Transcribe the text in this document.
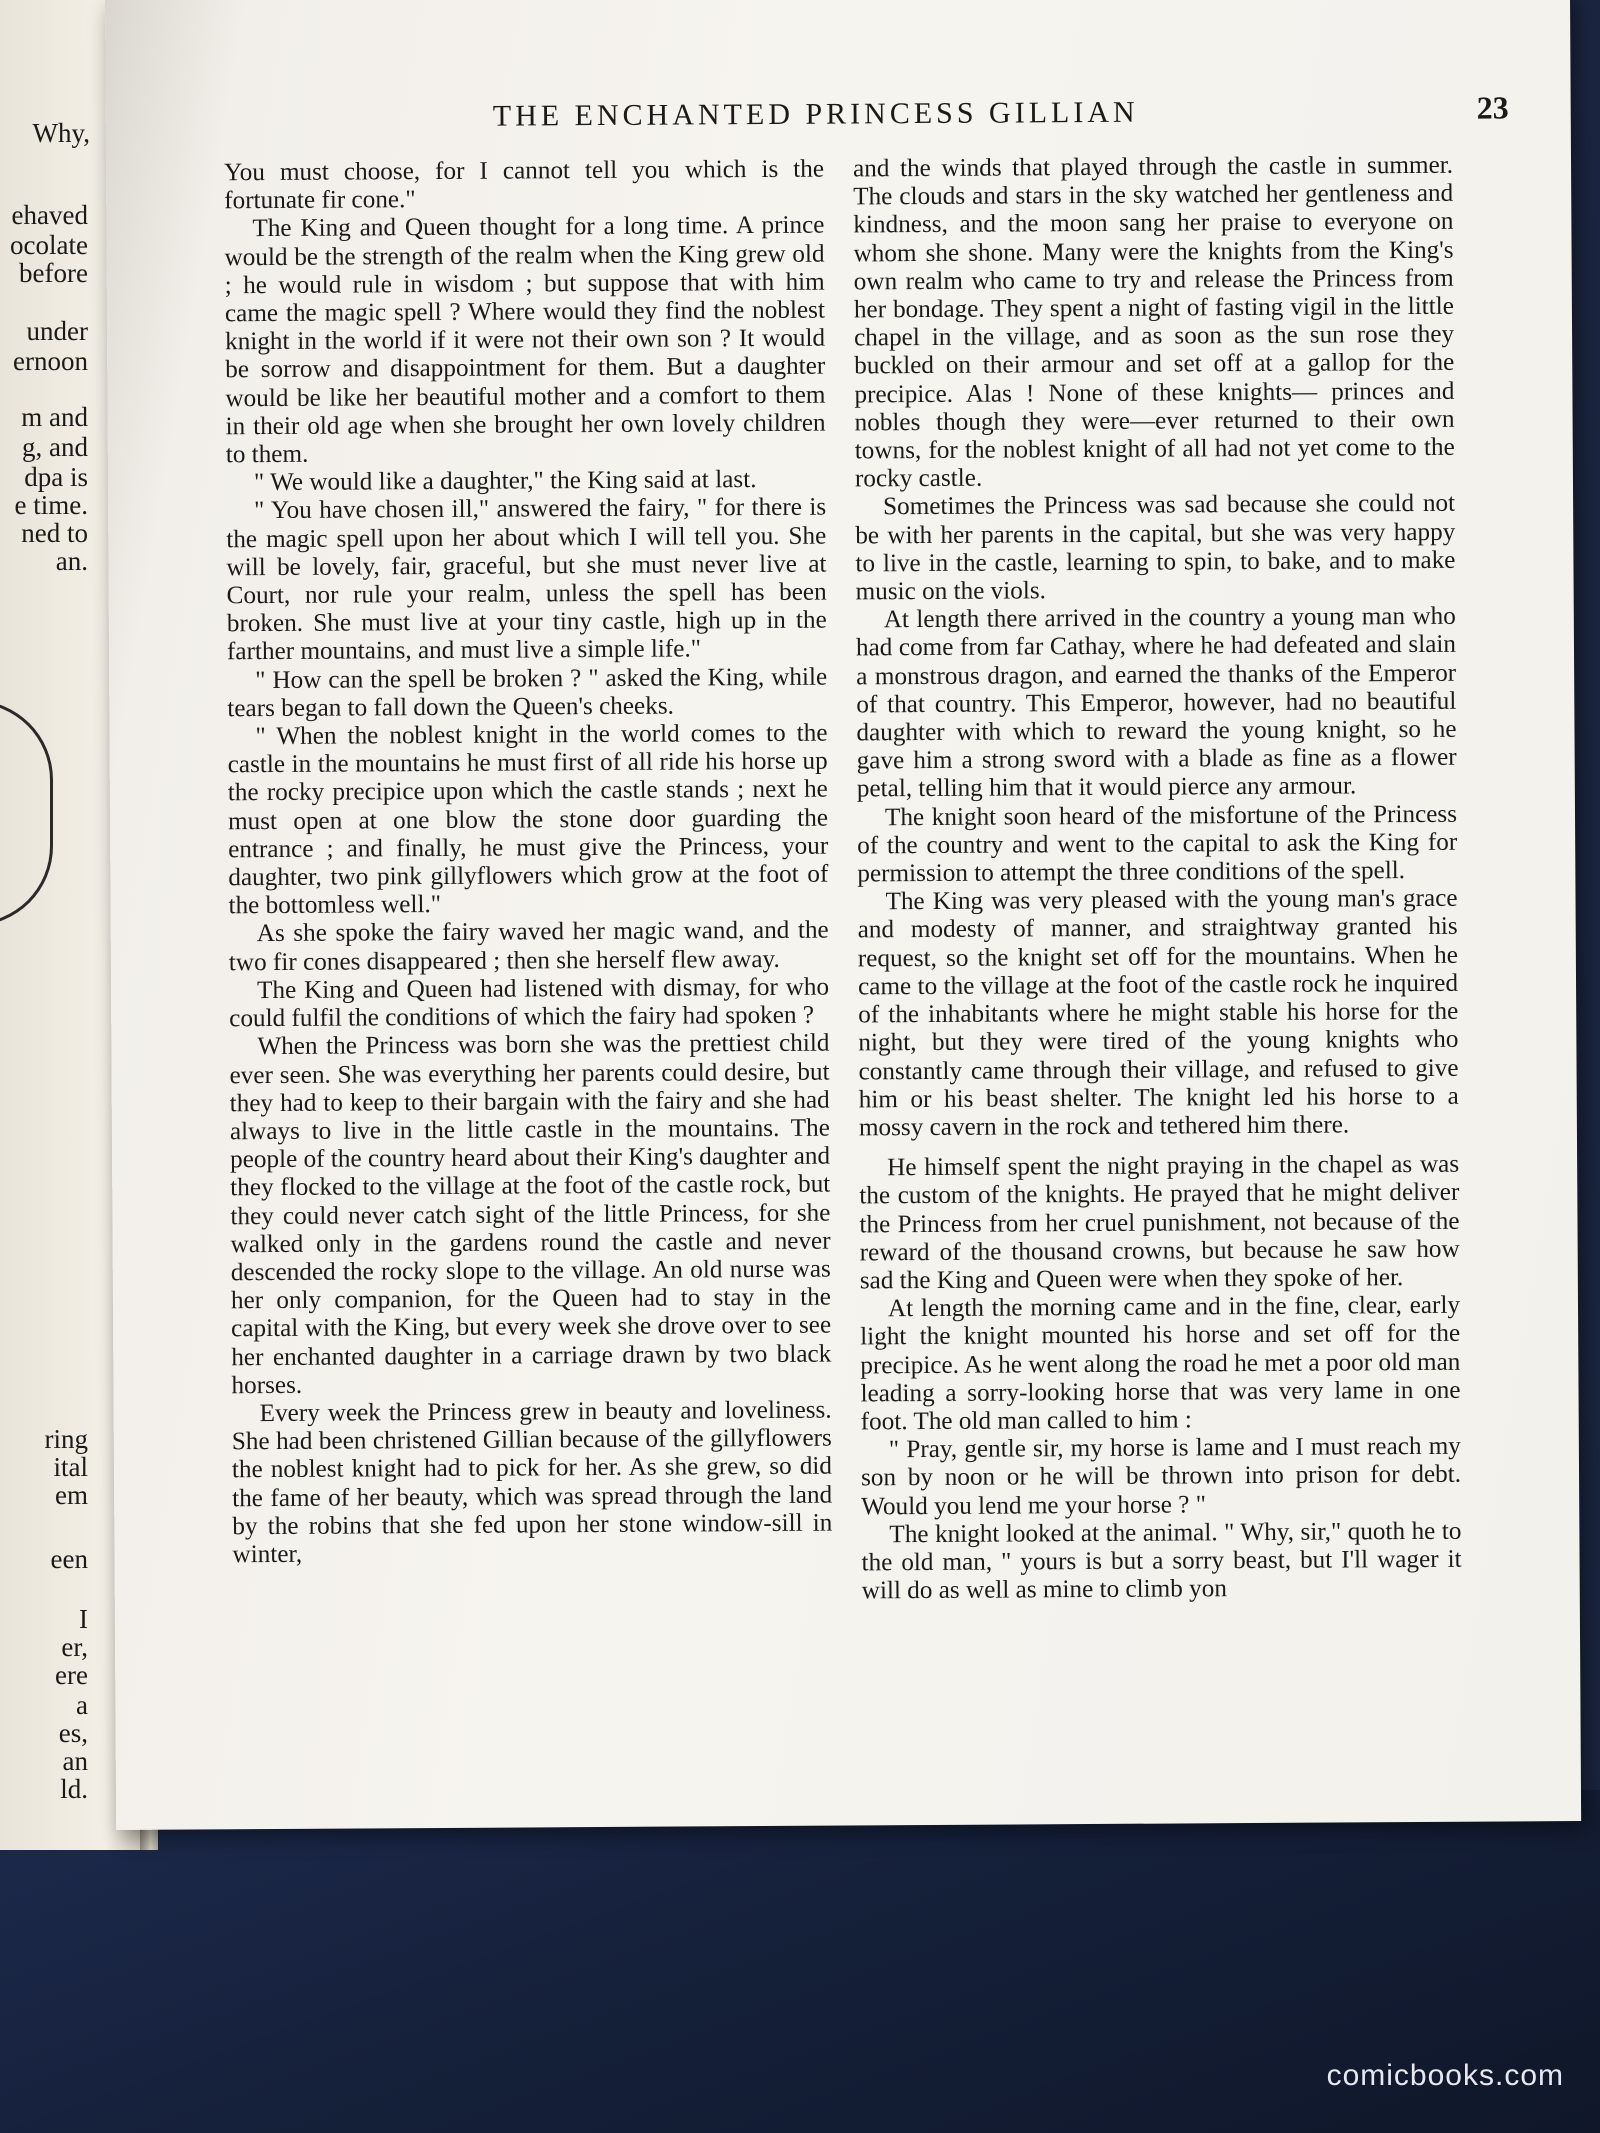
Why,
ehaved
ocolate
before
under
ernoon
m and
g, and
dpa is
e time.
ned to
an.
ring
ital
em
een
I
er,
ere
a
es,
an
ld.
THE ENCHANTED PRINCESS GILLIAN	23

You must choose, for I cannot tell you which is the fortunate fir cone."

The King and Queen thought for a long time. A prince would be the strength of the realm when the King grew old ; he would rule in wisdom ; but suppose that with him came the magic spell ? Where would they find the noblest knight in the world if it were not their own son ? It would be sorrow and disappointment for them. But a daughter would be like her beautiful mother and a comfort to them in their old age when she brought her own lovely children to them.

" We would like a daughter," the King said at last.

" You have chosen ill," answered the fairy, " for there is the magic spell upon her about which I will tell you. She will be lovely, fair, graceful, but she must never live at Court, nor rule your realm, unless the spell has been broken. She must live at your tiny castle, high up in the farther mountains, and must live a simple life."

" How can the spell be broken ? " asked the King, while tears began to fall down the Queen's cheeks.

" When the noblest knight in the world comes to the castle in the mountains he must first of all ride his horse up the rocky precipice upon which the castle stands ; next he must open at one blow the stone door guarding the entrance ; and finally, he must give the Princess, your daughter, two pink gillyflowers which grow at the foot of the bottomless well."

As she spoke the fairy waved her magic wand, and the two fir cones disappeared ; then she herself flew away.

The King and Queen had listened with dismay, for who could fulfil the conditions of which the fairy had spoken ?

When the Princess was born she was the prettiest child ever seen. She was everything her parents could desire, but they had to keep to their bargain with the fairy and she had always to live in the little castle in the mountains. The people of the country heard about their King's daughter and they flocked to the village at the foot of the castle rock, but they could never catch sight of the little Princess, for she walked only in the gardens round the castle and never descended the rocky slope to the village. An old nurse was her only companion, for the Queen had to stay in the capital with the King, but every week she drove over to see her enchanted daughter in a carriage drawn by two black horses.

Every week the Princess grew in beauty and loveliness. She had been christened Gillian because of the gillyflowers the noblest knight had to pick for her. As she grew, so did the fame of her beauty, which was spread through the land by the robins that she fed upon her stone window-sill in winter,

and the winds that played through the castle in summer. The clouds and stars in the sky watched her gentleness and kindness, and the moon sang her praise to everyone on whom she shone. Many were the knights from the King's own realm who came to try and release the Princess from her bondage. They spent a night of fasting vigil in the little chapel in the village, and as soon as the sun rose they buckled on their armour and set off at a gallop for the precipice. Alas ! None of these knights— princes and nobles though they were—ever returned to their own towns, for the noblest knight of all had not yet come to the rocky castle.

Sometimes the Princess was sad because she could not be with her parents in the capital, but she was very happy to live in the castle, learning to spin, to bake, and to make music on the viols.

At length there arrived in the country a young man who had come from far Cathay, where he had defeated and slain a monstrous dragon, and earned the thanks of the Emperor of that country. This Emperor, however, had no beautiful daughter with which to reward the young knight, so he gave him a strong sword with a blade as fine as a flower petal, telling him that it would pierce any armour.

The knight soon heard of the misfortune of the Princess of the country and went to the capital to ask the King for permission to attempt the three conditions of the spell.

The King was very pleased with the young man's grace and modesty of manner, and straightway granted his request, so the knight set off for the mountains. When he came to the village at the foot of the castle rock he inquired of the inhabitants where he might stable his horse for the night, but they were tired of the young knights who constantly came through their village, and refused to give him or his beast shelter. The knight led his horse to a mossy cavern in the rock and tethered him there.

He himself spent the night praying in the chapel as was the custom of the knights. He prayed that he might deliver the Princess from her cruel punishment, not because of the reward of the thousand crowns, but because he saw how sad the King and Queen were when they spoke of her.

At length the morning came and in the fine, clear, early light the knight mounted his horse and set off for the precipice. As he went along the road he met a poor old man leading a sorry-looking horse that was very lame in one foot. The old man called to him :

" Pray, gentle sir, my horse is lame and I must reach my son by noon or he will be thrown into prison for debt. Would you lend me your horse ? "

The knight looked at the animal. " Why, sir," quoth he to the old man, " yours is but a sorry beast, but I'll wager it will do as well as mine to climb yon

comicbooks.com
